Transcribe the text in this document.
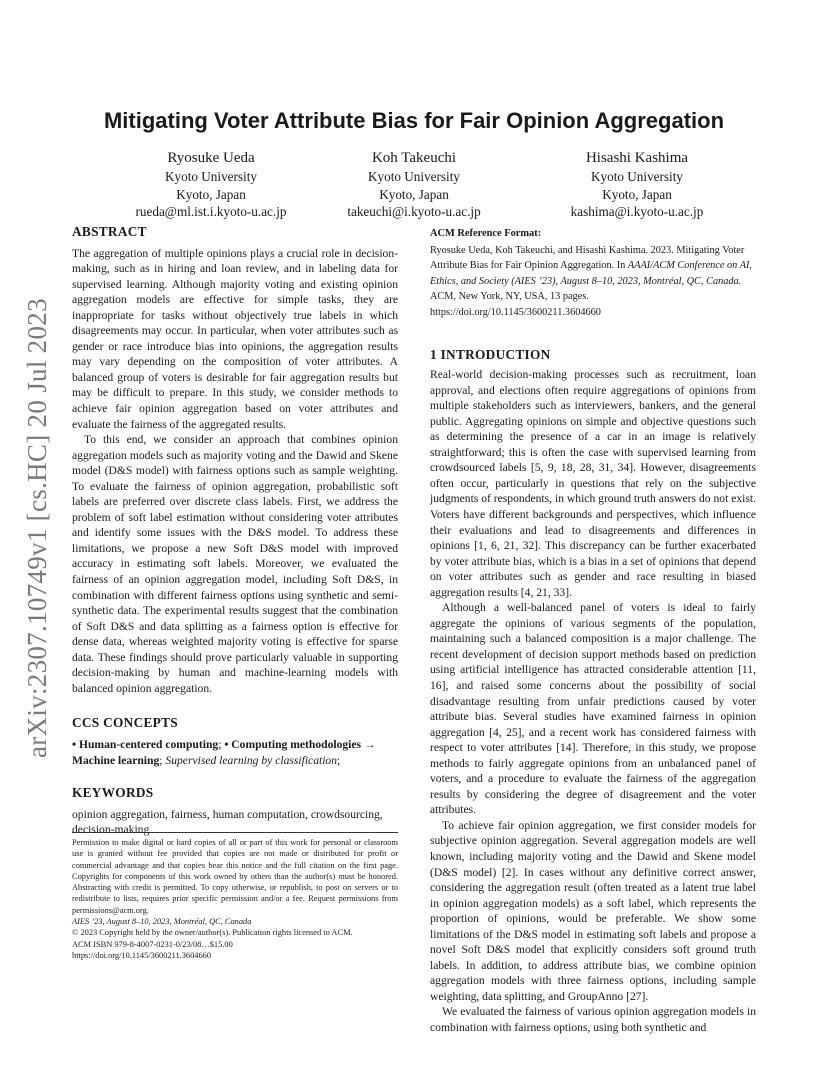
arXiv:2307.10749v1 [cs.HC] 20 Jul 2023
Mitigating Voter Attribute Bias for Fair Opinion Aggregation
Ryosuke Ueda
Kyoto University
Kyoto, Japan
rueda@ml.ist.i.kyoto-u.ac.jp
Koh Takeuchi
Kyoto University
Kyoto, Japan
takeuchi@i.kyoto-u.ac.jp
Hisashi Kashima
Kyoto University
Kyoto, Japan
kashima@i.kyoto-u.ac.jp
ABSTRACT

The aggregation of multiple opinions plays a crucial role in decision-making, such as in hiring and loan review, and in labeling data for supervised learning. Although majority voting and existing opinion aggregation models are effective for simple tasks, they are inappropriate for tasks without objectively true labels in which disagreements may occur. In particular, when voter attributes such as gender or race introduce bias into opinions, the aggregation results may vary depending on the composition of voter attributes. A balanced group of voters is desirable for fair aggregation results but may be difficult to prepare. In this study, we consider methods to achieve fair opinion aggregation based on voter attributes and evaluate the fairness of the aggregated results.

To this end, we consider an approach that combines opinion aggregation models such as majority voting and the Dawid and Skene model (D&S model) with fairness options such as sample weighting. To evaluate the fairness of opinion aggregation, probabilistic soft labels are preferred over discrete class labels. First, we address the problem of soft label estimation without considering voter attributes and identify some issues with the D&S model. To address these limitations, we propose a new Soft D&S model with improved accuracy in estimating soft labels. Moreover, we evaluated the fairness of an opinion aggregation model, including Soft D&S, in combination with different fairness options using synthetic and semi-synthetic data. The experimental results suggest that the combination of Soft D&S and data splitting as a fairness option is effective for dense data, whereas weighted majority voting is effective for sparse data. These findings should prove particularly valuable in supporting decision-making by human and machine-learning models with balanced opinion aggregation.

CCS CONCEPTS

• Human-centered computing; • Computing methodologies → Machine learning; Supervised learning by classification;

KEYWORDS

opinion aggregation, fairness, human computation, crowdsourcing, decision-making

Permission to make digital or hard copies of all or part of this work for personal or classroom use is granted without fee provided that copies are not made or distributed for profit or commercial advantage and that copies bear this notice and the full citation on the first page. Copyrights for components of this work owned by others than the author(s) must be honored. Abstracting with credit is permitted. To copy otherwise, or republish, to post on servers or to redistribute to lists, requires prior specific permission and/or a fee. Request permissions from permissions@acm.org.

AIES ’23, August 8–10, 2023, Montréal, QC, Canada

© 2023 Copyright held by the owner/author(s). Publication rights licensed to ACM.

ACM ISBN 979-8-4007-0231-0/23/08…$15.00

https://doi.org/10.1145/3600211.3604660

ACM Reference Format:

Ryosuke Ueda, Koh Takeuchi, and Hisashi Kashima. 2023. Mitigating Voter Attribute Bias for Fair Opinion Aggregation. In AAAI/ACM Conference on AI, Ethics, and Society (AIES ’23), August 8–10, 2023, Montréal, QC, Canada. ACM, New York, NY, USA, 13 pages. https://doi.org/10.1145/3600211.3604660

1 INTRODUCTION

Real-world decision-making processes such as recruitment, loan approval, and elections often require aggregations of opinions from multiple stakeholders such as interviewers, bankers, and the general public. Aggregating opinions on simple and objective questions such as determining the presence of a car in an image is relatively straightforward; this is often the case with supervised learning from crowdsourced labels [5, 9, 18, 28, 31, 34]. However, disagreements often occur, particularly in questions that rely on the subjective judgments of respondents, in which ground truth answers do not exist. Voters have different backgrounds and perspectives, which influence their evaluations and lead to disagreements and differences in opinions [1, 6, 21, 32]. This discrepancy can be further exacerbated by voter attribute bias, which is a bias in a set of opinions that depend on voter attributes such as gender and race resulting in biased aggregation results [4, 21, 33].

Although a well-balanced panel of voters is ideal to fairly aggregate the opinions of various segments of the population, maintaining such a balanced composition is a major challenge. The recent development of decision support methods based on prediction using artificial intelligence has attracted considerable attention [11, 16], and raised some concerns about the possibility of social disadvantage resulting from unfair predictions caused by voter attribute bias. Several studies have examined fairness in opinion aggregation [4, 25], and a recent work has considered fairness with respect to voter attributes [14]. Therefore, in this study, we propose methods to fairly aggregate opinions from an unbalanced panel of voters, and a procedure to evaluate the fairness of the aggregation results by considering the degree of disagreement and the voter attributes.

To achieve fair opinion aggregation, we first consider models for subjective opinion aggregation. Several aggregation models are well known, including majority voting and the Dawid and Skene model (D&S model) [2]. In cases without any definitive correct answer, considering the aggregation result (often treated as a latent true label in opinion aggregation models) as a soft label, which represents the proportion of opinions, would be preferable. We show some limitations of the D&S model in estimating soft labels and propose a novel Soft D&S model that explicitly considers soft ground truth labels. In addition, to address attribute bias, we combine opinion aggregation models with three fairness options, including sample weighting, data splitting, and GroupAnno [27].

We evaluated the fairness of various opinion aggregation models in combination with fairness options, using both synthetic and
